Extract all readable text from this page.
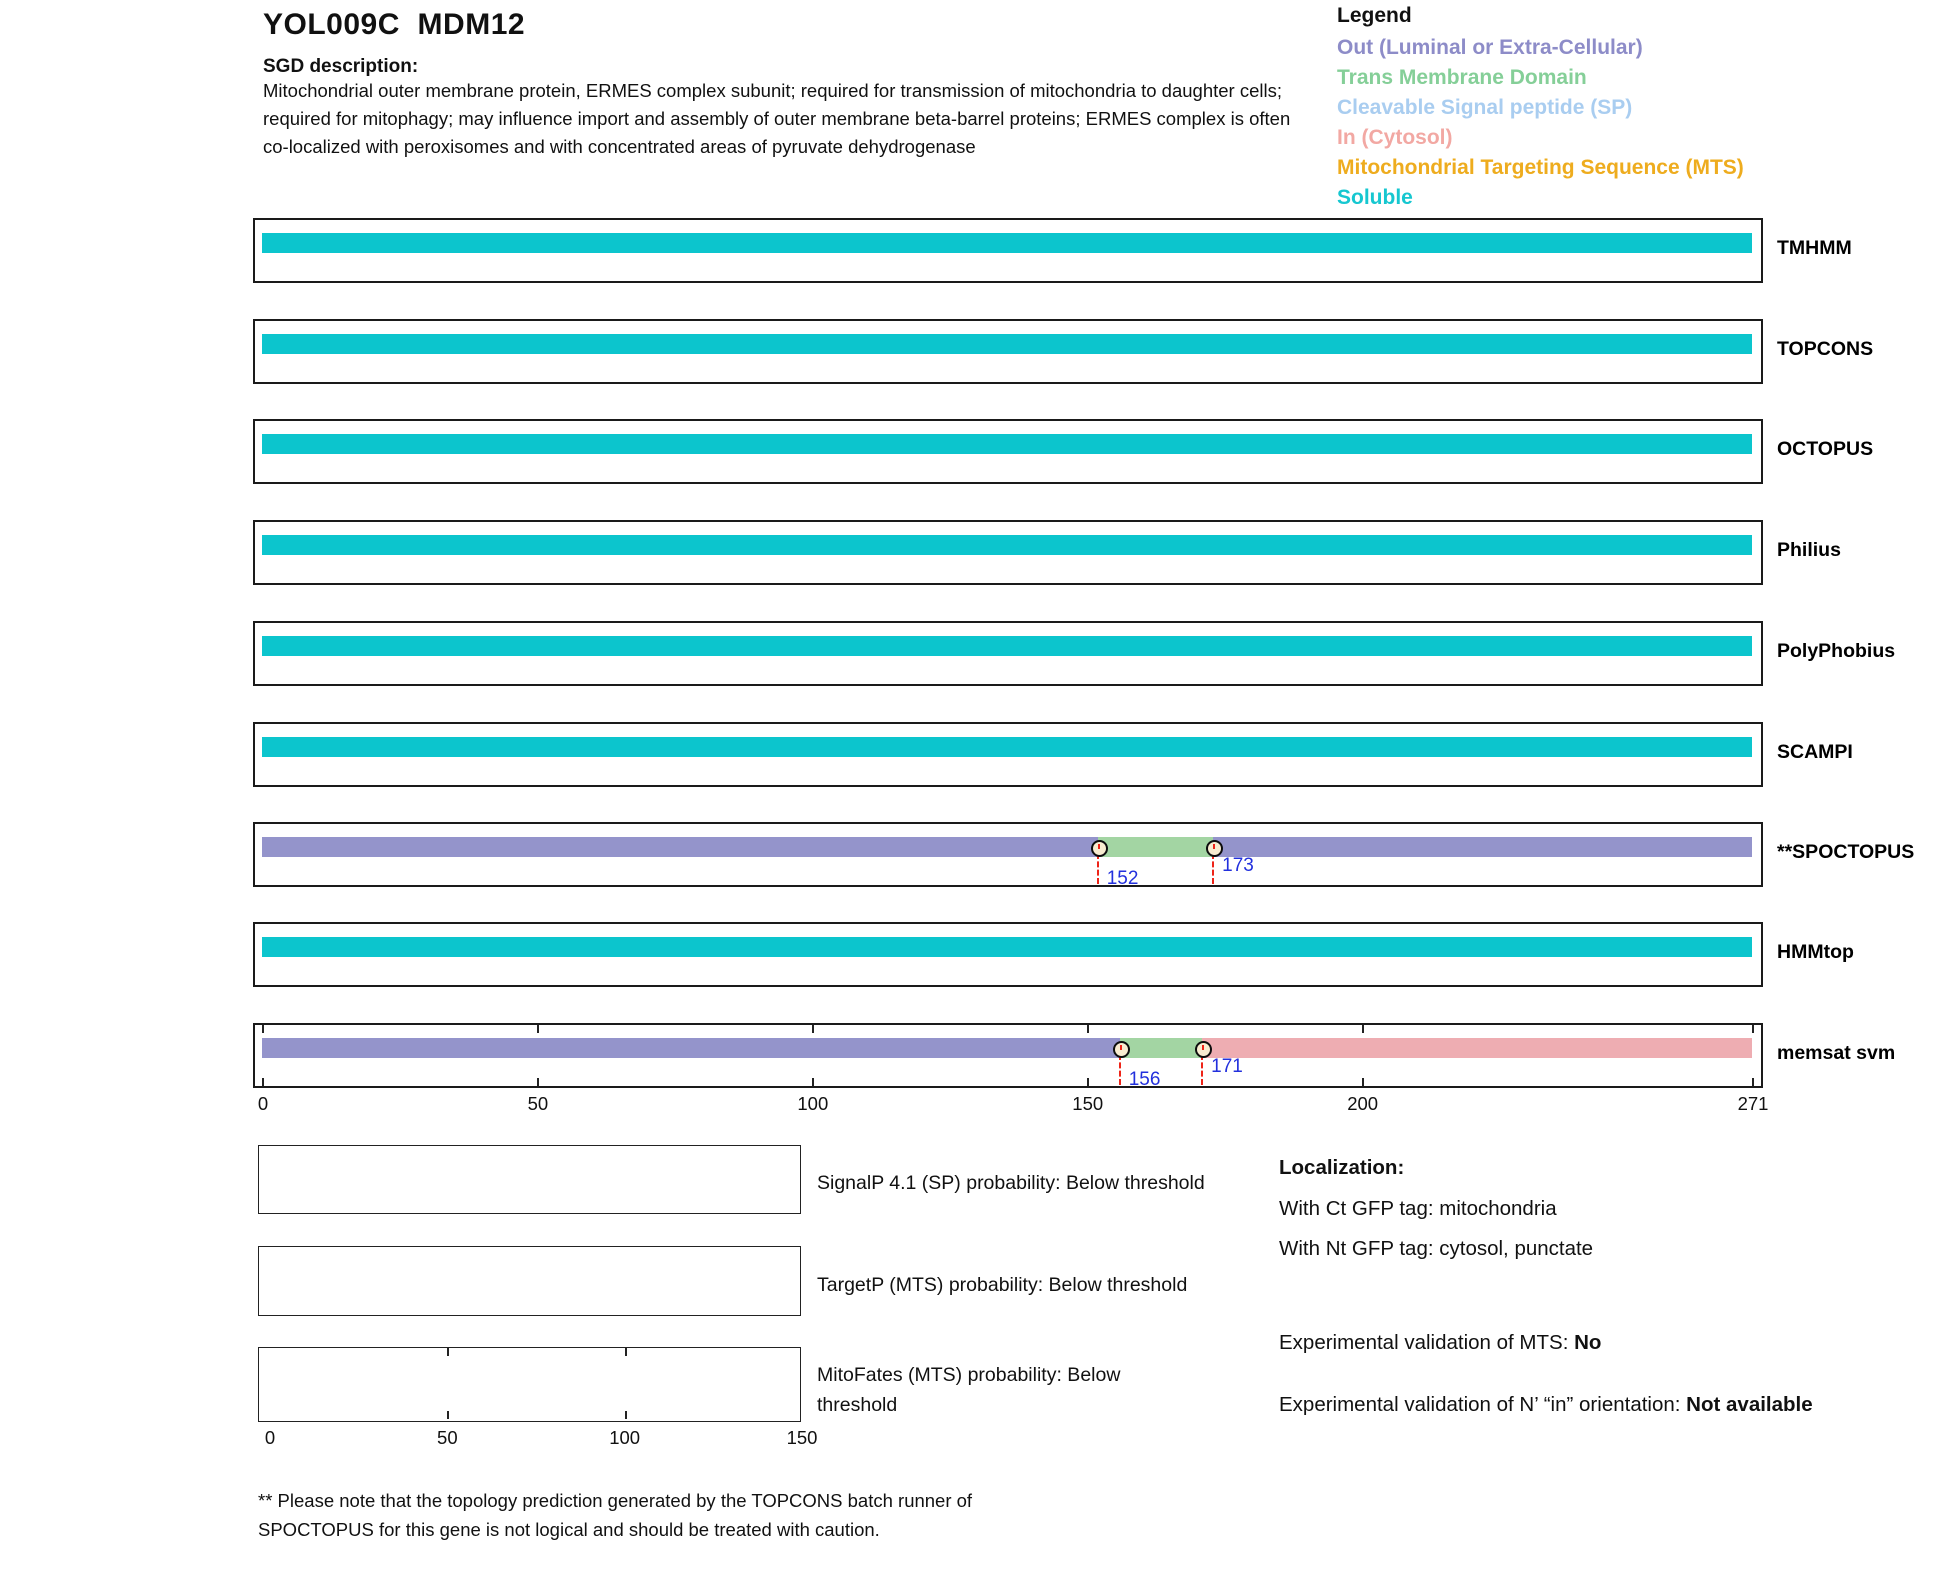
YOL009C  MDM12
SGD description:
Mitochondrial outer membrane protein, ERMES complex subunit; required for transmission of mitochondria to daughter cells; required for mitophagy; may influence import and assembly of outer membrane beta-barrel proteins; ERMES complex is often co-localized with peroxisomes and with concentrated areas of pyruvate dehydrogenase
Legend
Out (Luminal or Extra-Cellular)
Trans Membrane Domain
Cleavable Signal peptide (SP)
In (Cytosol)
Mitochondrial Targeting Sequence (MTS)
Soluble
TMHMM
TOPCONS
OCTOPUS
Philius
PolyPhobius
SCAMPI
152
173
**SPOCTOPUS
HMMtop
156
171
0	50	100	150	200	271
memsat svm
SignalP 4.1 (SP) probability: Below threshold
TargetP (MTS) probability: Below threshold
0	50	100	150
MitoFates (MTS) probability: Below threshold
Localization:
With Ct GFP tag: mitochondria
With Nt GFP tag: cytosol, punctate
Experimental validation of MTS: No
Experimental validation of N’ “in” orientation: Not available
** Please note that the topology prediction generated by the TOPCONS batch runner of SPOCTOPUS for this gene is not logical and should be treated with caution.
